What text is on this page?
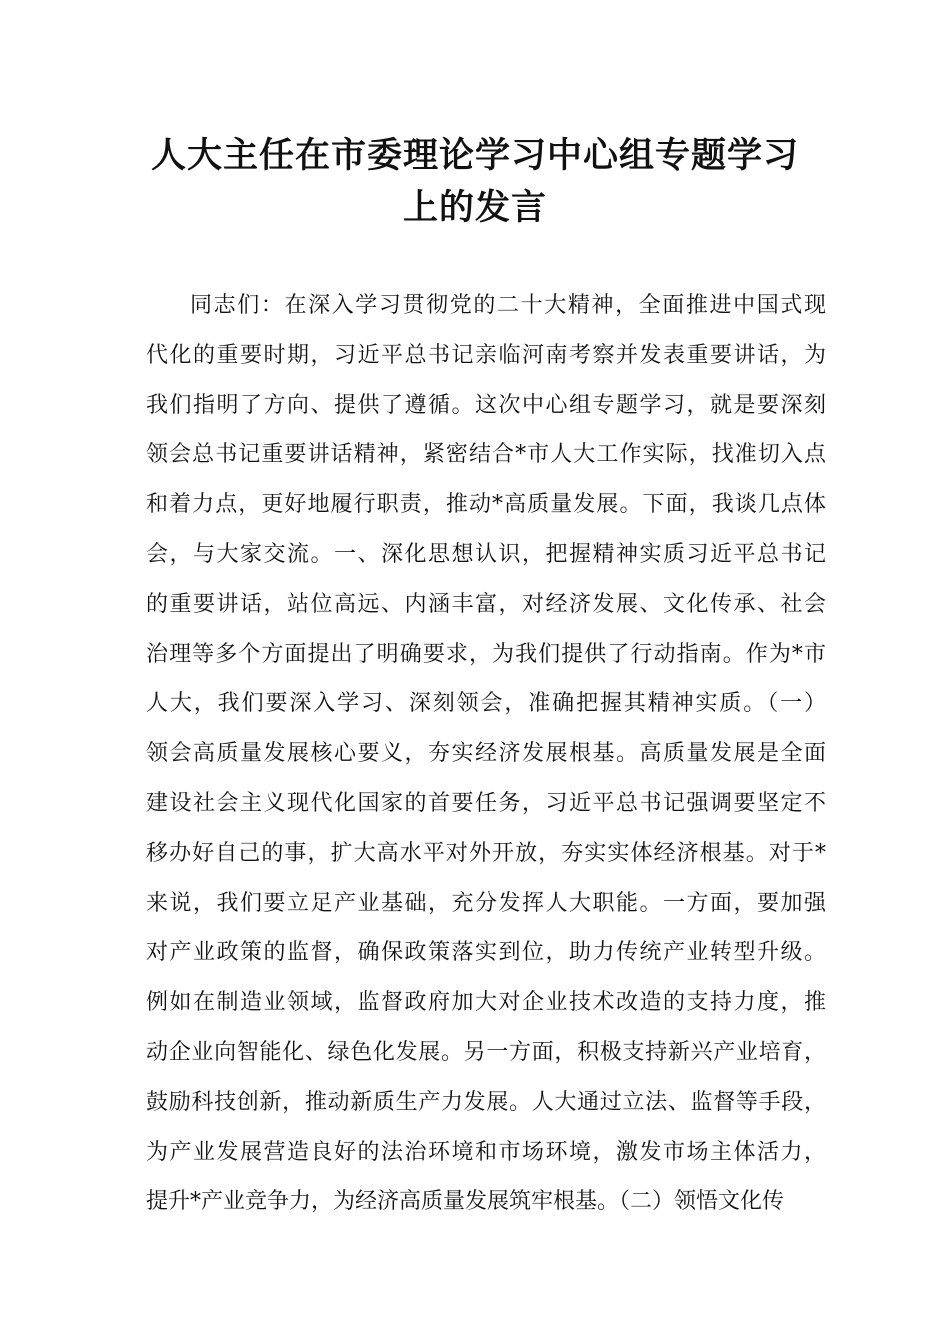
人大主任在市委理论学习中心组专题学习
上的发言
同志们：在深入学习贯彻党的二十大精神，全面推进中国式现
代化的重要时期，习近平总书记亲临河南考察并发表重要讲话，为
我们指明了方向、提供了遵循。这次中心组专题学习，就是要深刻
领会总书记重要讲话精神，紧密结合*市人大工作实际，找准切入点
和着力点，更好地履行职责，推动*高质量发展。下面，我谈几点体
会，与大家交流。一、深化思想认识，把握精神实质习近平总书记
的重要讲话，站位高远、内涵丰富，对经济发展、文化传承、社会
治理等多个方面提出了明确要求，为我们提供了行动指南。作为*市
人大，我们要深入学习、深刻领会，准确把握其精神实质。（一）
领会高质量发展核心要义，夯实经济发展根基。高质量发展是全面
建设社会主义现代化国家的首要任务，习近平总书记强调要坚定不
移办好自己的事，扩大高水平对外开放，夯实实体经济根基。对于*
来说，我们要立足产业基础，充分发挥人大职能。一方面，要加强
对产业政策的监督，确保政策落实到位，助力传统产业转型升级。
例如在制造业领域，监督政府加大对企业技术改造的支持力度，推
动企业向智能化、绿色化发展。另一方面，积极支持新兴产业培育，
鼓励科技创新，推动新质生产力发展。人大通过立法、监督等手段，
为产业发展营造良好的法治环境和市场环境，激发市场主体活力，
提升*产业竞争力，为经济高质量发展筑牢根基。（二）领悟文化传
